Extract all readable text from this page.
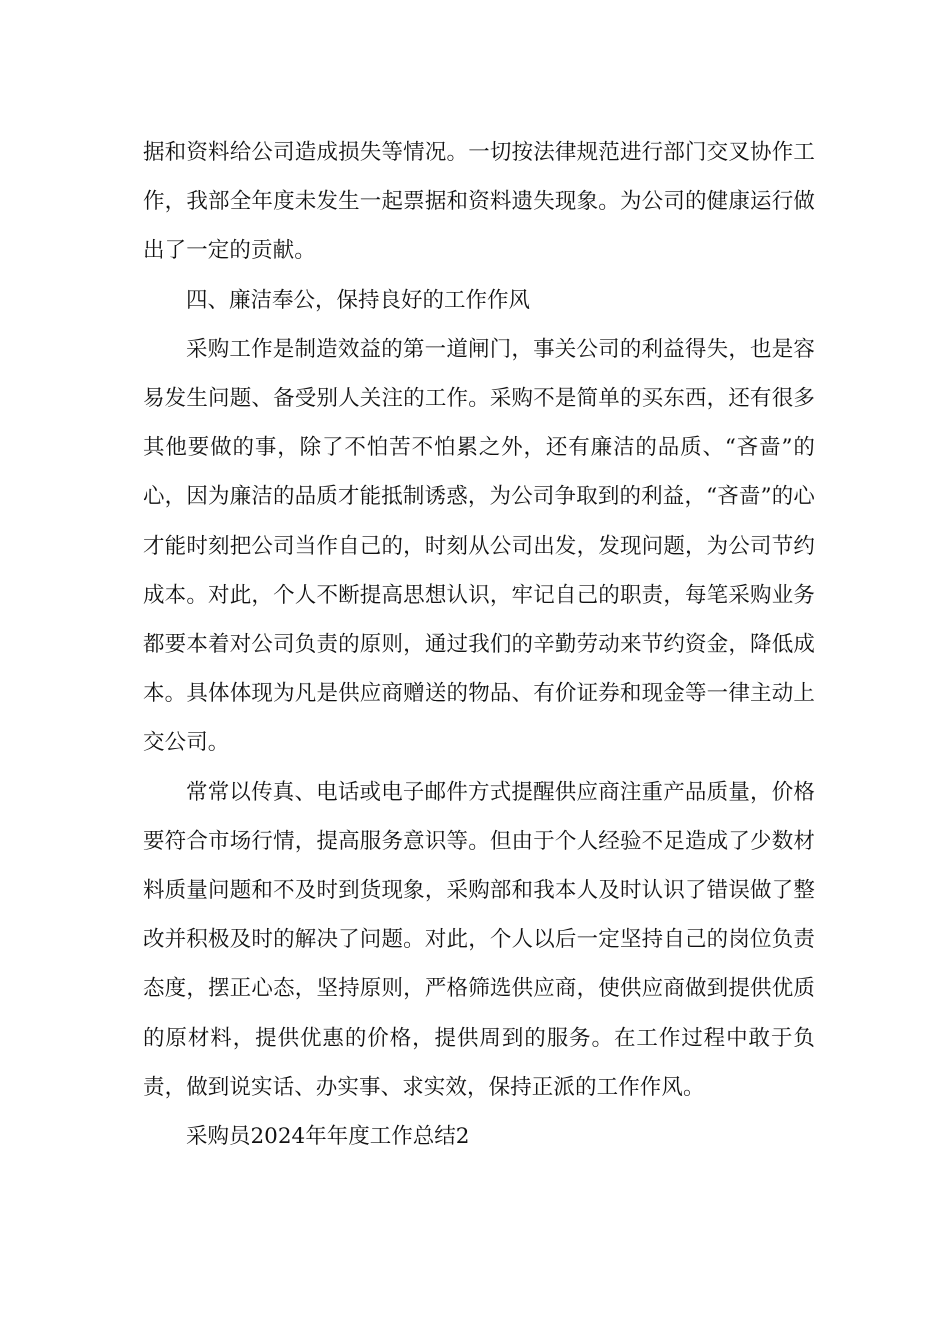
据和资料给公司造成损失等情况。一切按法律规范进行部门交叉协作工作，我部全年度未发生一起票据和资料遗失现象。为公司的健康运行做出了一定的贡献。

四、廉洁奉公，保持良好的工作作风

采购工作是制造效益的第一道闸门，事关公司的利益得失，也是容易发生问题、备受别人关注的工作。采购不是简单的买东西，还有很多其他要做的事，除了不怕苦不怕累之外，还有廉洁的品质、“吝啬”的心，因为廉洁的品质才能抵制诱惑，为公司争取到的利益，“吝啬”的心才能时刻把公司当作自己的，时刻从公司出发，发现问题，为公司节约成本。对此，个人不断提高思想认识，牢记自己的职责，每笔采购业务都要本着对公司负责的原则，通过我们的辛勤劳动来节约资金，降低成本。具体体现为凡是供应商赠送的物品、有价证券和现金等一律主动上交公司。

常常以传真、电话或电子邮件方式提醒供应商注重产品质量，价格要符合市场行情，提高服务意识等。但由于个人经验不足造成了少数材料质量问题和不及时到货现象，采购部和我本人及时认识了错误做了整改并积极及时的解决了问题。对此，个人以后一定坚持自己的岗位负责态度，摆正心态，坚持原则，严格筛选供应商，使供应商做到提供优质的原材料，提供优惠的价格，提供周到的服务。在工作过程中敢于负责，做到说实话、办实事、求实效，保持正派的工作作风。

采购员2024年年度工作总结2
